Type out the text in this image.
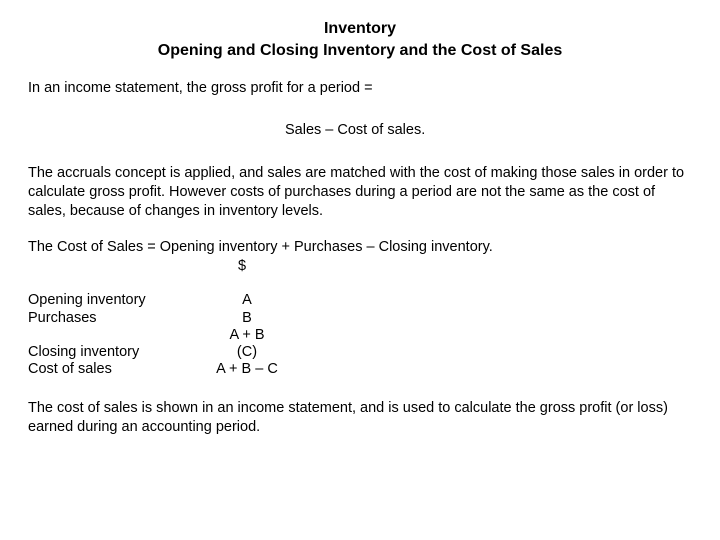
Inventory
Opening and Closing Inventory and the Cost of Sales
In an income statement, the gross profit for a period =
Sales – Cost of sales.
The accruals concept is applied, and sales are matched with the cost of making those sales in order to calculate gross profit. However costs of purchases during a period are not the same as the cost of sales, because of changes in inventory levels.
The Cost of Sales = Opening inventory + Purchases – Closing inventory.
$
Opening inventory	A
Purchases	B
A + B
Closing inventory	(C)
Cost of sales	A + B – C
The cost of sales is shown in an income statement, and is used to calculate the gross profit (or loss) earned during an accounting period.
